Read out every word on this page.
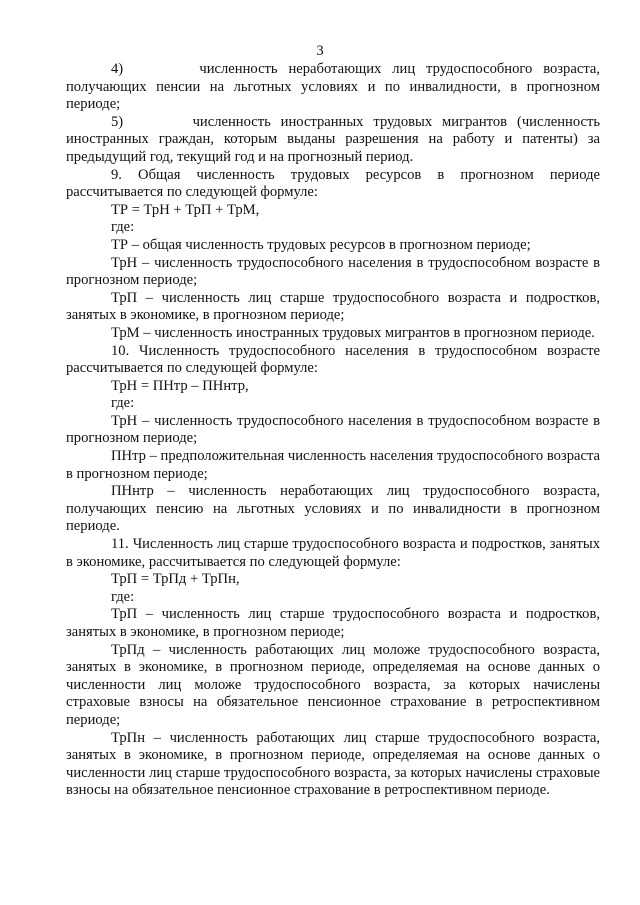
3

4)       численность неработающих лиц трудоспособного возраста, получающих пенсии на льготных условиях и по инвалидности, в прогнозном периоде;

5)       численность иностранных трудовых мигрантов (численность иностранных граждан, которым выданы разрешения на работу и патенты) за предыдущий год, текущий год и на прогнозный период.

9. Общая численность трудовых ресурсов в прогнозном периоде рассчитывается по следующей формуле:

ТР = ТрН + ТрП + ТрМ,

где:

ТР – общая численность трудовых ресурсов в прогнозном периоде;

ТрН – численность трудоспособного населения в трудоспособном возрасте в прогнозном периоде;

ТрП – численность лиц старше трудоспособного возраста и подростков, занятых в экономике, в прогнозном периоде;

ТрМ – численность иностранных трудовых мигрантов в прогнозном периоде.

10. Численность трудоспособного населения в трудоспособном возрасте рассчитывается по следующей формуле:

ТрН = ПНтр – ПНнтр,

где:

ТрН – численность трудоспособного населения в трудоспособном возрасте в прогнозном периоде;

ПНтр – предположительная численность населения трудоспособного возраста в прогнозном периоде;

ПНнтр – численность неработающих лиц трудоспособного возраста, получающих пенсию на льготных условиях и по инвалидности в прогнозном периоде.

11. Численность лиц старше трудоспособного возраста и подростков, занятых в экономике, рассчитывается по следующей формуле:

ТрП = ТрПд + ТрПн,

где:

ТрП – численность лиц старше трудоспособного возраста и подростков, занятых в экономике, в прогнозном периоде;

ТрПд – численность работающих лиц моложе трудоспособного возраста, занятых в экономике, в прогнозном периоде, определяемая на основе данных о численности лиц моложе трудоспособного возраста, за которых начислены страховые взносы на обязательное пенсионное страхование в ретроспективном периоде;

ТрПн – численность работающих лиц старше трудоспособного возраста, занятых в экономике, в прогнозном периоде, определяемая на основе данных о численности лиц старше трудоспособного возраста, за которых начислены страховые взносы на обязательное пенсионное страхование в ретроспективном периоде.
